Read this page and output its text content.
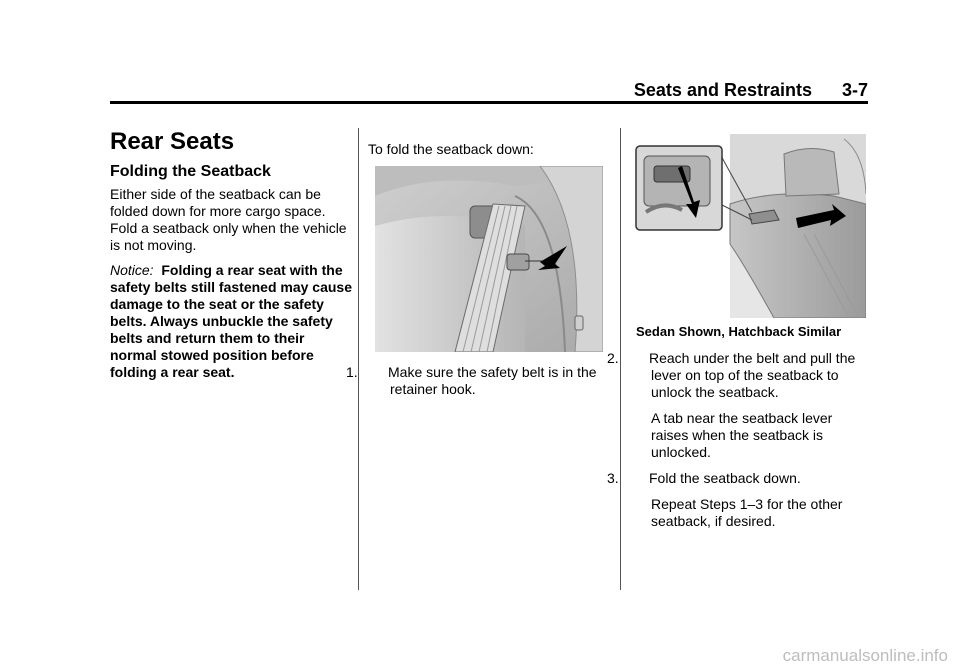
Seats and Restraints 3-7
Rear Seats
Folding the Seatback
Either side of the seatback can be folded down for more cargo space. Fold a seatback only when the vehicle is not moving.
Notice: Folding a rear seat with the safety belts still fastened may cause damage to the seat or the safety belts. Always unbuckle the safety belts and return them to their normal stowed position before folding a rear seat.
To fold the seatback down:
1. Make sure the safety belt is in the retainer hook.
Sedan Shown, Hatchback Similar
2. Reach under the belt and pull the lever on top of the seatback to unlock the seatback.
A tab near the seatback lever raises when the seatback is unlocked.
3. Fold the seatback down.
Repeat Steps 1–3 for the other seatback, if desired.
carmanualsonline.info
